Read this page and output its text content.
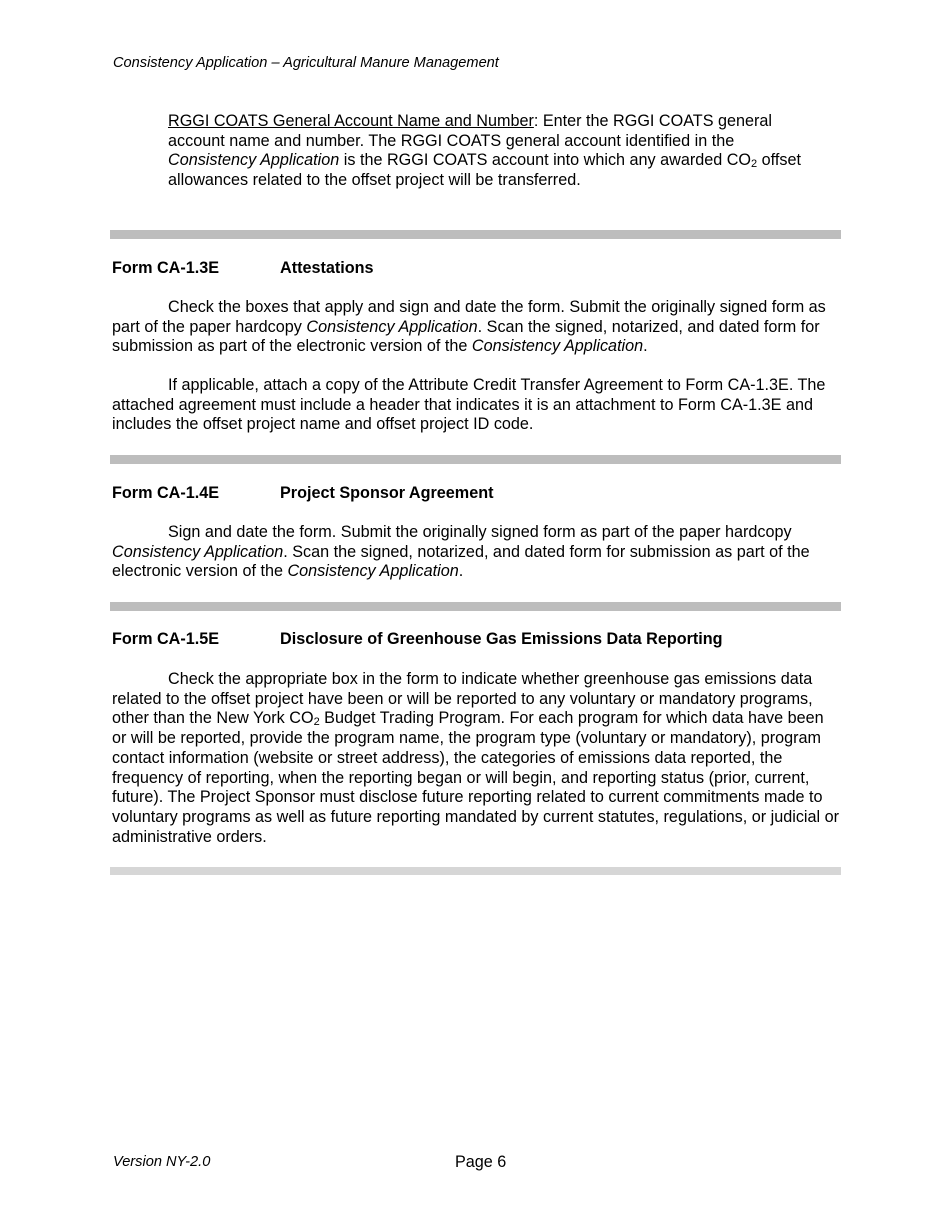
Consistency Application – Agricultural Manure Management

RGGI COATS General Account Name and Number: Enter the RGGI COATS general account name and number. The RGGI COATS general account identified in the Consistency Application is the RGGI COATS account into which any awarded $CO_2$ offset allowances related to the offset project will be transferred.

Form CA-1.3E	Attestations

Check the boxes that apply and sign and date the form. Submit the originally signed form as part of the paper hardcopy Consistency Application. Scan the signed, notarized, and dated form for submission as part of the electronic version of the Consistency Application.

If applicable, attach a copy of the Attribute Credit Transfer Agreement to Form CA-1.3E. The attached agreement must include a header that indicates it is an attachment to Form CA-1.3E and includes the offset project name and offset project ID code.

Form CA-1.4E	Project Sponsor Agreement

Sign and date the form. Submit the originally signed form as part of the paper hardcopy Consistency Application. Scan the signed, notarized, and dated form for submission as part of the electronic version of the Consistency Application.

Form CA-1.5E	Disclosure of Greenhouse Gas Emissions Data Reporting

Check the appropriate box in the form to indicate whether greenhouse gas emissions data related to the offset project have been or will be reported to any voluntary or mandatory programs, other than the New York $CO_2$ Budget Trading Program. For each program for which data have been or will be reported, provide the program name, the program type (voluntary or mandatory), program contact information (website or street address), the categories of emissions data reported, the frequency of reporting, when the reporting began or will begin, and reporting status (prior, current, future). The Project Sponsor must disclose future reporting related to current commitments made to voluntary programs as well as future reporting mandated by current statutes, regulations, or judicial or administrative orders.

Version NY-2.0	Page 6
